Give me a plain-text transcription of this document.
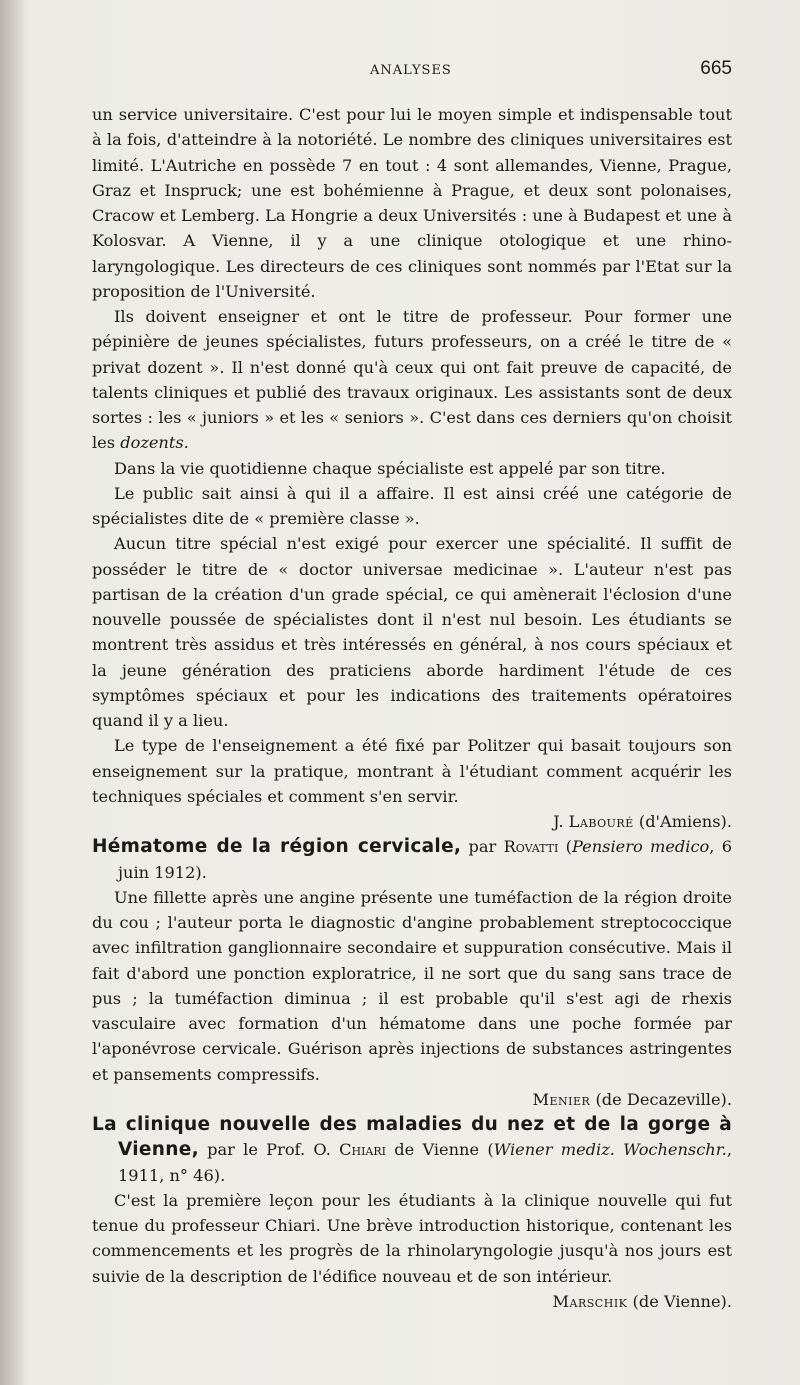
ANALYSES	665

un service universitaire. C'est pour lui le moyen simple et indispensable tout à la fois, d'atteindre à la notoriété. Le nombre des cliniques universitaires est limité. L'Autriche en possède 7 en tout : 4 sont allemandes, Vienne, Prague, Graz et Inspruck; une est bohémienne à Prague, et deux sont polonaises, Cracow et Lemberg. La Hongrie a deux Universités : une à Budapest et une à Kolosvar. A Vienne, il y a une clinique otologique et une rhino-laryngologique. Les directeurs de ces cliniques sont nommés par l'Etat sur la proposition de l'Université.

Ils doivent enseigner et ont le titre de professeur. Pour former une pépinière de jeunes spécialistes, futurs professeurs, on a créé le titre de « privat dozent ». Il n'est donné qu'à ceux qui ont fait preuve de capacité, de talents cliniques et publié des travaux originaux. Les assistants sont de deux sortes : les « juniors » et les « seniors ». C'est dans ces derniers qu'on choisit les dozents.

Dans la vie quotidienne chaque spécialiste est appelé par son titre.

Le public sait ainsi à qui il a affaire. Il est ainsi créé une catégorie de spécialistes dite de « première classe ».

Aucun titre spécial n'est exigé pour exercer une spécialité. Il suffit de posséder le titre de « doctor universae medicinae ». L'auteur n'est pas partisan de la création d'un grade spécial, ce qui amènerait l'éclosion d'une nouvelle poussée de spécialistes dont il n'est nul besoin. Les étudiants se montrent très assidus et très intéressés en général, à nos cours spéciaux et la jeune génération des praticiens aborde hardiment l'étude de ces symptômes spéciaux et pour les indications des traitements opératoires quand il y a lieu.

Le type de l'enseignement a été fixé par Politzer qui basait toujours son enseignement sur la pratique, montrant à l'étudiant comment acquérir les techniques spéciales et comment s'en servir.

J. Labouré (d'Amiens).

Hématome de la région cervicale, par Rovatti (Pensiero medico, 6 juin 1912).

Une fillette après une angine présente une tuméfaction de la région droite du cou ; l'auteur porta le diagnostic d'angine probablement streptococcique avec infiltration ganglionnaire secondaire et suppuration consécutive. Mais il fait d'abord une ponction exploratrice, il ne sort que du sang sans trace de pus ; la tuméfaction diminua ; il est probable qu'il s'est agi de rhexis vasculaire avec formation d'un hématome dans une poche formée par l'aponévrose cervicale. Guérison après injections de substances astringentes et pansements compressifs.

Menier (de Decazeville).

La clinique nouvelle des maladies du nez et de la gorge à Vienne, par le Prof. O. Chiari de Vienne (Wiener mediz. Wochenschr., 1911, n° 46).

C'est la première leçon pour les étudiants à la clinique nouvelle qui fut tenue du professeur Chiari. Une brève introduction historique, contenant les commencements et les progrès de la rhinolaryngologie jusqu'à nos jours est suivie de la description de l'édifice nouveau et de son intérieur.

Marschik (de Vienne).
